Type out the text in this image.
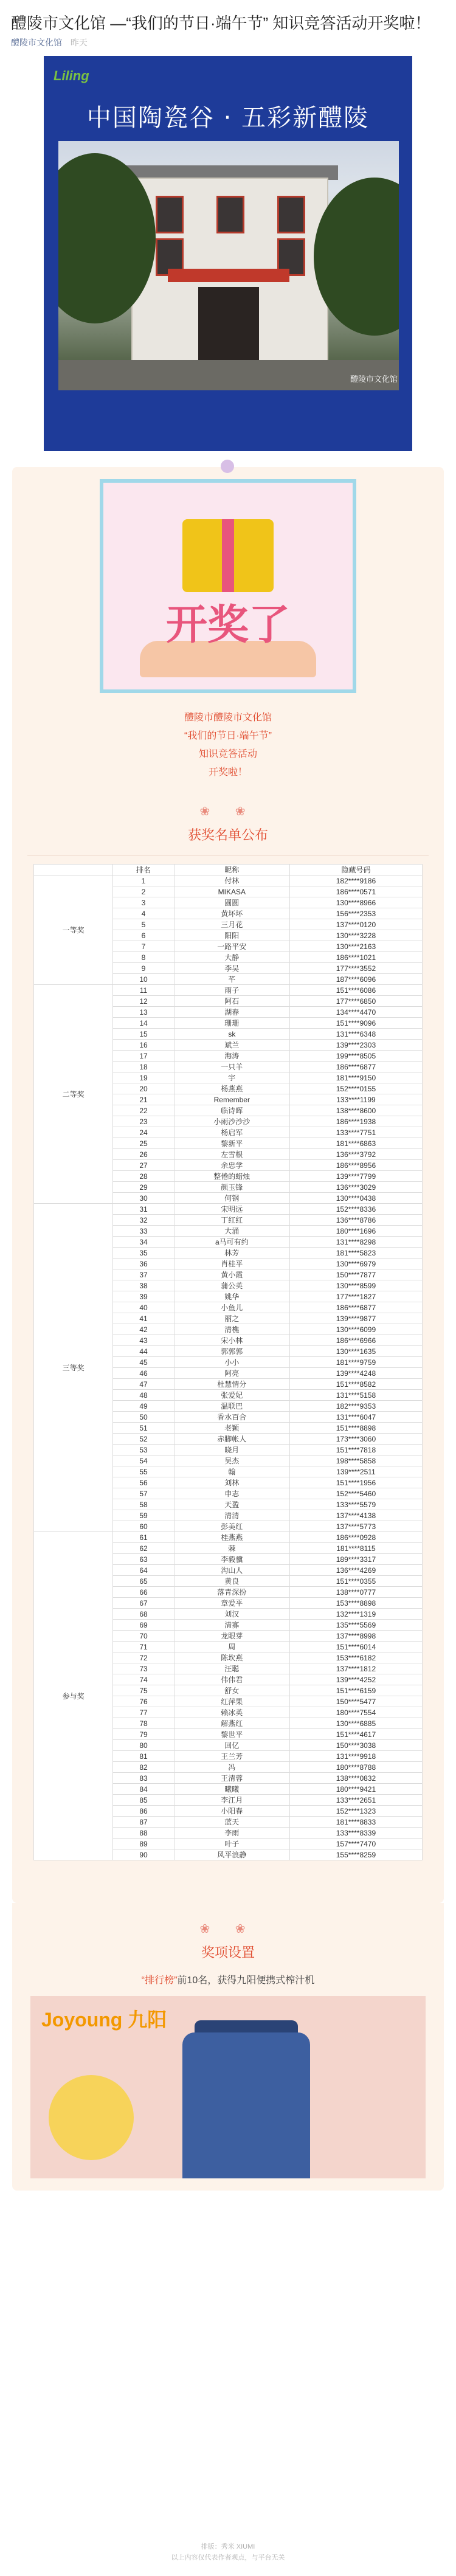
醴陵市文化馆 —“我们的节日·端午节” 知识竞答活动开奖啦！
醴陵市文化馆 昨天
Liling
中国陶瓷谷 · 五彩新醴陵
醴陵市文化馆
开奖了
醴陵市醴陵市文化馆
“我们的节日·端午节”
知识竞答活动
开奖啦！
❀ ❀
获奖名单公布
	排名	昵称	隐藏号码
一等奖	1	付林	182****9186
	2	MIKASA	186****0571
	3	圆圆	130****8966
	4	黄坏坏	156****2353
	5	三月花	137****0120
	6	阳阳	130****3228
	7	一路平安	130****2163
	8	大静	186****1021
	9	李吴	177****3552
	10	芊	187****6096
二等奖	11	雨子	151****6086
	12	阿石	177****6850
	13	湖春	134****4470
	14	珊珊	151****9096
	15	sk	131****6348
	16	斌兰	139****2303
	17	海涛	199****8505
	18	一只羊	186****6877
	19	宇	181****9150
	20	杨燕燕	152****0155
	21	Remember	133****1199
	22	临诗晖	138****8600
	23	小雨沙沙沙	186****1938
	24	杨启军	133****7751
	25	黎新平	181****6863
	26	左雪根	136****3792
	27	余忠学	186****8956
	28	整倦的蜡烛	139****7799
	29	颜玉锋	136****3029
	30	何钢	130****0438
三等奖	31	宋明远	152****8336
	32	丁红红	136****8786
	33	大涌	180****1696
	34	a马可有约	131****8298
	35	林芳	181****5823
	36	肖桂平	130****6979
	37	黄小霞	150****7877
	38	蒲公英	130****8599
	39	姚华	177****1827
	40	小鱼儿	186****6877
	41	丽之	139****9877
	42	清樵	130****6099
	43	宋小林	186****6966
	44	郭郭郭	130****1635
	45	小小	181****9759
	46	阿亮	139****4248
	47	杜慧情分	151****8582
	48	张爱妃	131****5158
	49	温联巴	182****9353
	50	香水百合	131****6047
	51	老颖	151****8898
	52	赤脚帐人	173****3060
	53	晓月	151****7818
	54	吴杰	198****5858
	55	翰	139****2511
	56	刘林	151****1956
	57	申志	152****5460
	58	天盈	133****5579
	59	清清	137****4138
	60	彭美红	137****5773
参与奖	61	桂燕燕	186****0928
	62	棘	181****8115
	63	李毅骥	189****3317
	64	沟山人	136****4269
	65	黄良	151****0355
	66	落青深扮	138****0777
	67	章爱平	153****8898
	68	刘汉	132****1319
	69	清寡	135****5569
	70	龙眼芽	137****8998
	71	周	151****6014
	72	陈坎燕	153****6182
	73	汪聪	137****1812
	74	伟伟君	139****4252
	75	舒女	151****6159
	76	红萍果	150****5477
	77	赖冰英	180****7554
	78	解燕红	130****6885
	79	黎世平	151****4617
	80	回亿	150****3038
	81	王兰芳	131****9918
	82	冯	180****8788
	83	王清蓉	138****0832
	84	曦曦	180****9421
	85	李江月	133****2651
	86	小阳春	152****1323
	87	蓝天	181****8833
	88	李雨	133****8339
	89	叶子	157****7470
	90	风平浪静	155****8259
❀ ❀
奖项设置
“排行榜”前10名，获得九阳便携式榨汁机
Joyoung 九阳
排版：秀米 XIUMI
以上内容仅代表作者观点，与平台无关
